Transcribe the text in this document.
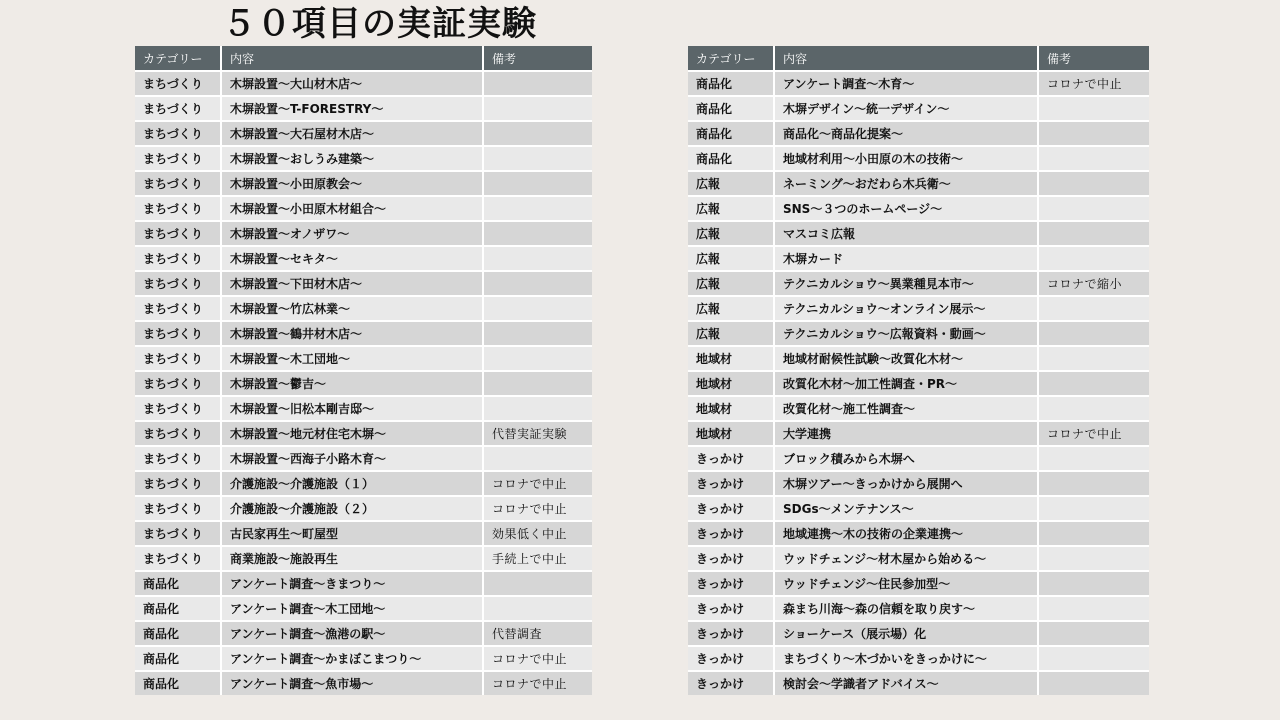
５０項目の実証実験
カテゴリー	内容	備考
まちづくり	木塀設置～大山材木店～	
まちづくり	木塀設置～T-FORESTRY～	
まちづくり	木塀設置～大石屋材木店～	
まちづくり	木塀設置～おしうみ建築～	
まちづくり	木塀設置～小田原教会～	
まちづくり	木塀設置～小田原木材組合～	
まちづくり	木塀設置～オノザワ～	
まちづくり	木塀設置～セキタ～	
まちづくり	木塀設置～下田材木店～	
まちづくり	木塀設置～竹広林業～	
まちづくり	木塀設置～鶴井材木店～	
まちづくり	木塀設置～木工団地～	
まちづくり	木塀設置～鬱吉～	
まちづくり	木塀設置～旧松本剛吉邸～	
まちづくり	木塀設置～地元材住宅木塀～	代替実証実験
まちづくり	木塀設置～西海子小路木育～	
まちづくり	介護施設～介護施設（１）	コロナで中止
まちづくり	介護施設～介護施設（２）	コロナで中止
まちづくり	古民家再生～町屋型	効果低く中止
まちづくり	商業施設～施設再生	手続上で中止
商品化	アンケート調査～きまつり～	
商品化	アンケート調査～木工団地～	
商品化	アンケート調査～漁港の駅～	代替調査
商品化	アンケート調査～かまぼこまつり～	コロナで中止
商品化	アンケート調査～魚市場～	コロナで中止
カテゴリー	内容	備考
商品化	アンケート調査～木育～	コロナで中止
商品化	木塀デザイン～統一デザイン～	
商品化	商品化～商品化提案～	
商品化	地域材利用～小田原の木の技術～	
広報	ネーミング～おだわら木兵衛～	
広報	SNS～３つのホームページ～	
広報	マスコミ広報	
広報	木塀カード	
広報	テクニカルショウ～異業種見本市～	コロナで縮小
広報	テクニカルショウ～オンライン展示～	
広報	テクニカルショウ～広報資料・動画～	
地域材	地域材耐候性試験～改質化木材～	
地域材	改質化木材～加工性調査・PR～	
地域材	改質化材～施工性調査～	
地域材	大学連携	コロナで中止
きっかけ	ブロック積みから木塀へ	
きっかけ	木塀ツアー～きっかけから展開へ	
きっかけ	SDGs～メンテナンス～	
きっかけ	地域連携～木の技術の企業連携～	
きっかけ	ウッドチェンジ～材木屋から始める～	
きっかけ	ウッドチェンジ～住民参加型～	
きっかけ	森まち川海～森の信頼を取り戻す～	
きっかけ	ショーケース（展示場）化	
きっかけ	まちづくり～木づかいをきっかけに～	
きっかけ	検討会～学識者アドバイス～	
